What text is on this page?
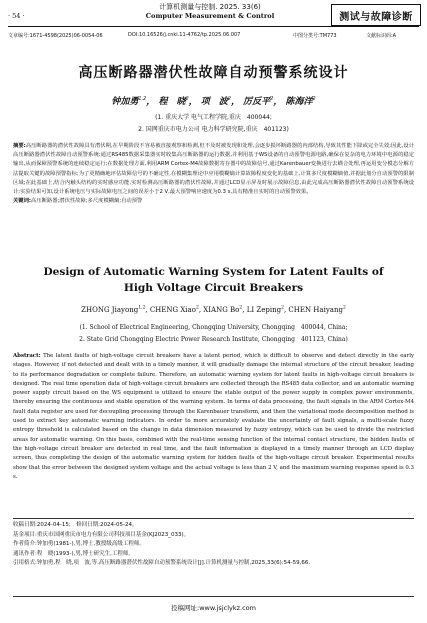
· 54 ·
计算机测量与控制. 2025. 33(6)
Computer Measurement & Control	测试与故障诊断
文章编号:1671-4598(2025)06-0054-06	DOI:10.16526/j.cnki.11-4762/tp.2025.06.007	中图分类号:TM773	文献标识码:A
高压断路器潜伏性故障自动预警系统设计
钟加勇$^{1,2}$， 程　晓$^2$， 项　波$^2$， 厉反平$^2$， 陈海洋$^2$
(1. 重庆大学 电气工程学院,重庆　400044;
2. 国网重庆市电力公司 电力科学研究院,重庆　401123)
摘要:高压断路器的潜伏性故障具有潜伏期,在早期阶段不容易被直接观察和检测,但不及时被发现和处理,会逐步损坏断路器的内部结构,导致其性能下降或完全失效;因此,设计高压断路器潜伏性故障自动预警系统;通过RS485数据采集器实时收集高压断路器的运行数据,并利用基于WS设备的自动预警电源电路,确保在复杂的电力环境中电源的稳定输出,从而保障预警系统的连续稳定运行;在数据处理方面,利用ARM Cortex-M4故障数据寄存器中的故障信号,通过Karenbauer变换进行去耦合处理,再运用变分模态分解方法提取关键的故障预警指标;为了更精确地评估故障信号的不确定性,在模糊集理论中应用模糊熵计算故障程度变化的基础上,计算多尺度模糊熵值,并据此划分自动预警的限制区域;在此基础上,结合内触头结构的实时感应功能,实时检测高压断路器的潜伏性故障,并通过LCD显示屏及时展示故障信息,由此完成高压断路器潜伏性故障自动预警系统设计;实验结果可知,设计系统电压与实际故障电压之间的误差小于2 V,最大预警响应速度为0.3 s,具有精准且实时的自动预警效果。
关键词:高压断路器;潜伏性故障;多尺度模糊熵;自动预警
Design of Automatic Warning System for Latent Faults of
High Voltage Circuit Breakers
ZHONG Jiayong$^{1,2}$, CHENG Xiao$^2$, XIANG Bo$^2$, LI Zeping$^2$, CHEN Haiyang$^2$
(1. School of Electrical Engineering, Chongqing University, Chongqing　400044, China;
2. State Grid Chongqing Electric Power Research Institute, Chongqing　401123, China)
Abstract: The latent faults of high-voltage circuit breakers have a latent period, which is difficult to observe and detect directly in the early stages. However, if not detected and dealt with in a timely manner, it will gradually damage the internal structure of the circuit breaker, leading to its performance degradation or complete failure. Therefore, an automatic warning system for latent faults in high-voltage circuit breakers is designed. The real time operation data of high-voltage circuit breakers are collected through the RS485 data collector, and an automatic warning power supply circuit based on the WS equipment is utilized to ensure the stable output of the power supply in complex power environments, thereby ensuring the continuous and stable operation of the warning system. In terms of data processing, the fault signals in the ARM Cortex-M4 fault data register are used for decoupling processing through the Karenbauer transform, and then the variational mode decomposition method is used to extract key automatic warning indicators. In order to more accurately evaluate the uncertainty of fault signals, a multi-scale fuzzy entropy threshold is calculated based on the change in data dimension measured by fuzzy entropy, which can be used to divide the restricted areas for automatic warning. On this basis, combined with the real-time sensing function of the internal contact structure, the hidden faults of the high-voltage circuit breaker are detected in real time, and the fault information is displayed in a timely manner through an LCD display screen, thus completing the design of the automatic warning system for hidden faults of the high-voltage circuit breaker. Experimental results show that the error between the designed system voltage and the actual voltage is less than 2 V, and the maximum warning response speed is 0.3 s.
收稿日期:2024-04-15;　修回日期:2024-05-24。
基金项目:重庆市国网重庆市电力有限公司科技项目基金(KJ2023_033)。
作者简介:钟加勇(1981-),男,博士,教授级高级工程师。
通讯作者:程　晓(1993-),男,博士研究生,工程师。
引用格式:钟加勇,程　晓,项　波,等.高压断路器潜伏性故障自动预警系统设计[J].计算机测量与控制,2025,33(6):54-59,66.
投稿网址:www.jsjclykz.com
